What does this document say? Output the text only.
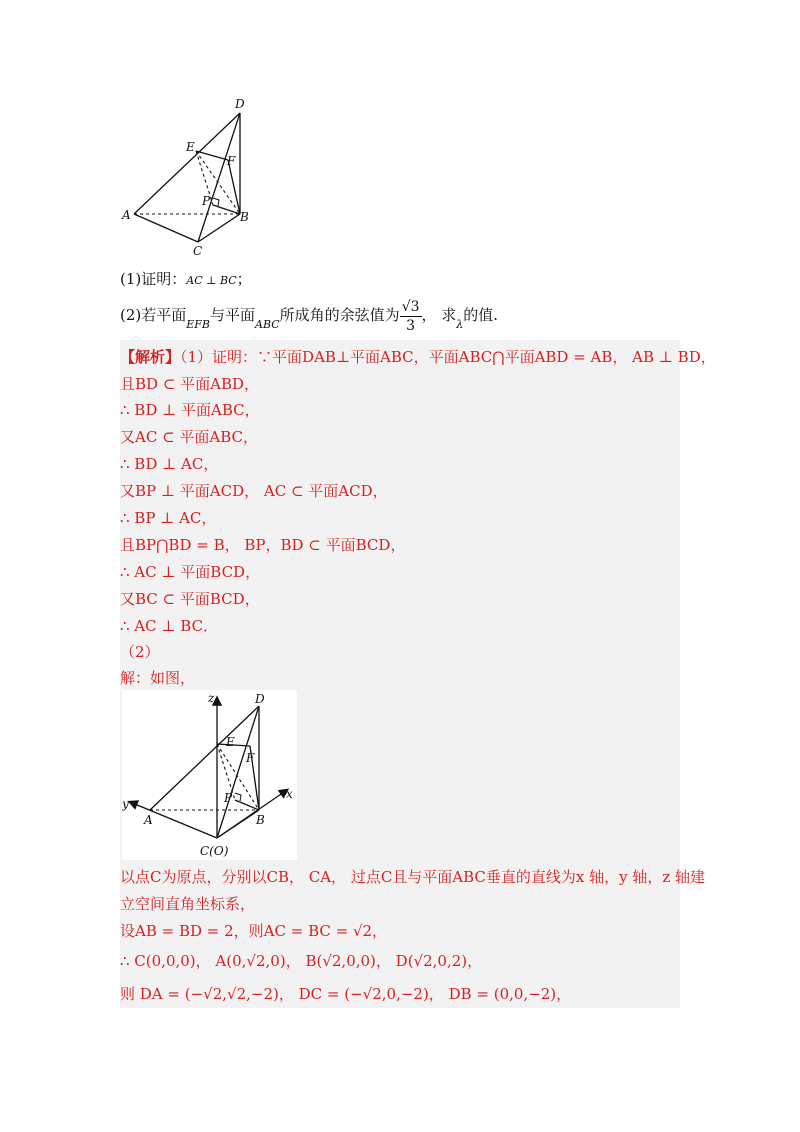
D
E
F
P
A	B
C
(1)证明：AC ⊥ BC；
(2)若平面$_{EFB}$与平面$_{ABC}$所成角的余弦值为 $\frac{√3}{3}$ ， 求$_\lambda$的值.
【解析】（1）证明：∵平面DAB⊥平面ABC，平面ABC⋂平面ABD = AB， AB ⊥ BD，
且BD ⊂ 平面ABD，
∴ BD ⊥ 平面ABC，
又AC ⊂ 平面ABC，
∴ BD ⊥ AC，
又BP ⊥ 平面ACD， AC ⊂ 平面ACD，
∴ BP ⊥ AC，
且BP⋂BD = B， BP，BD ⊂ 平面BCD，
∴ AC ⊥ 平面BCD，
又BC ⊂ 平面BCD，
∴ AC ⊥ BC．
（2）
解：如图，
z	D
E
F
P
y
x
A	B
C(O)
以点C为原点，分别以CB， CA， 过点C且与平面ABC垂直的直线为x 轴，y 轴，z 轴建
立空间直角坐标系，
设AB = BD = 2，则AC = BC = √2，
∴ C(0,0,0)， A(0,√2,0)， B(√2,0,0)， D(√2,0,2)，
则 DA = (−√2,√2,−2)， DC = (−√2,0,−2)， DB = (0,0,−2)，
